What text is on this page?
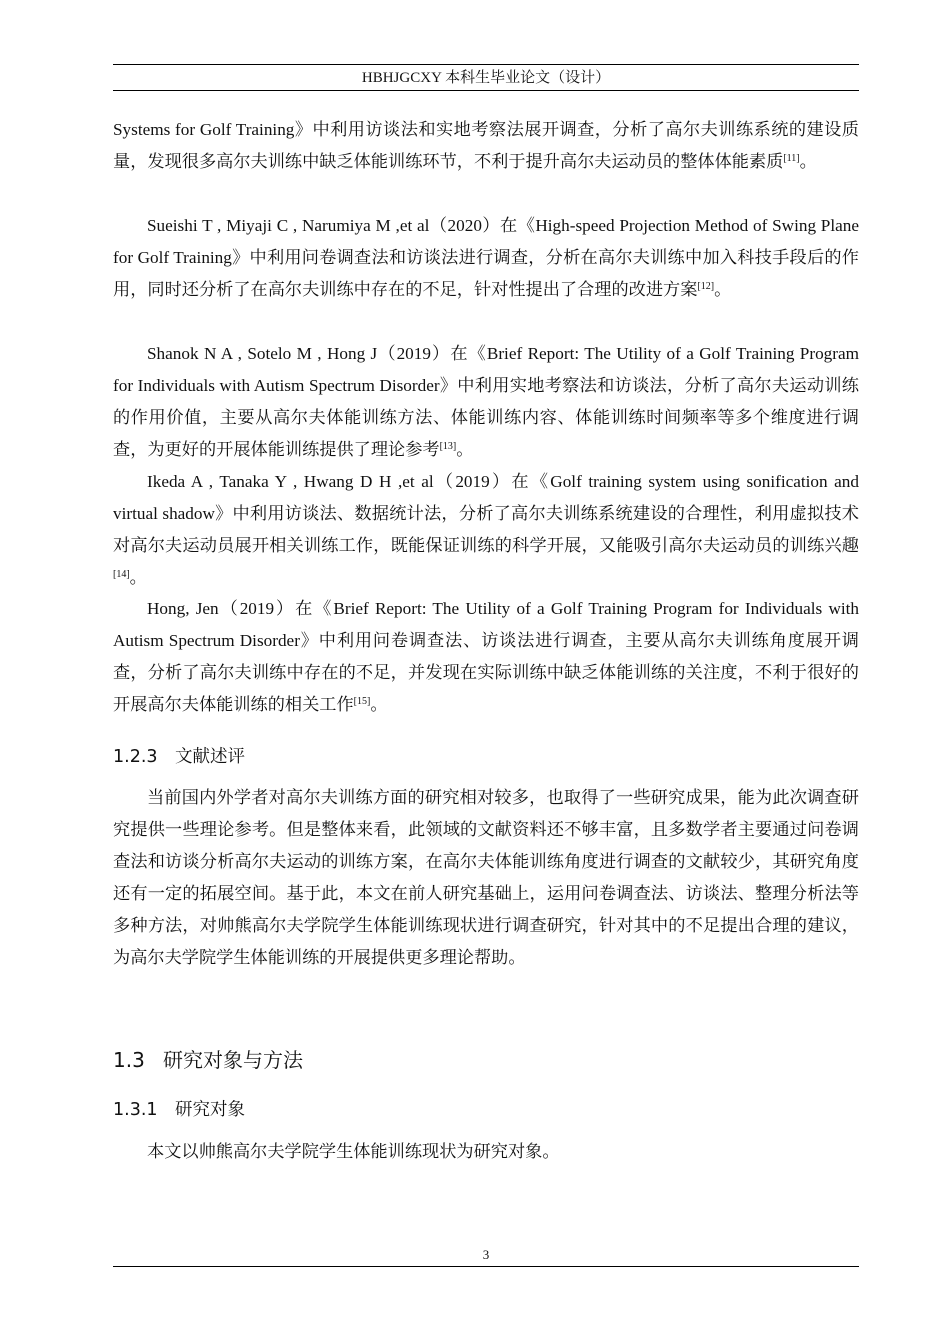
HBHJGCXY 本科生毕业论文（设计）

Systems for Golf Training》中利用访谈法和实地考察法展开调查，分析了高尔夫训练系统的建设质量，发现很多高尔夫训练中缺乏体能训练环节，不利于提升高尔夫运动员的整体体能素质[11]。

Sueishi T , Miyaji C , Narumiya M ,et al（2020）在《High-speed Projection Method of Swing Plane for Golf Training》中利用问卷调查法和访谈法进行调查，分析在高尔夫训练中加入科技手段后的作用，同时还分析了在高尔夫训练中存在的不足，针对性提出了合理的改进方案[12]。

Shanok N A , Sotelo M , Hong J（2019）在《Brief Report: The Utility of a Golf Training Program for Individuals with Autism Spectrum Disorder》中利用实地考察法和访谈法，分析了高尔夫运动训练的作用价值，主要从高尔夫体能训练方法、体能训练内容、体能训练时间频率等多个维度进行调查，为更好的开展体能训练提供了理论参考[13]。

Ikeda A , Tanaka Y , Hwang D H ,et al（2019）在《Golf training system using sonification and virtual shadow》中利用访谈法、数据统计法，分析了高尔夫训练系统建设的合理性，利用虚拟技术对高尔夫运动员展开相关训练工作，既能保证训练的科学开展，又能吸引高尔夫运动员的训练兴趣[14]。

Hong, Jen（2019）在《Brief Report: The Utility of a Golf Training Program for Individuals with Autism Spectrum Disorder》中利用问卷调查法、访谈法进行调查，主要从高尔夫训练角度展开调查，分析了高尔夫训练中存在的不足，并发现在实际训练中缺乏体能训练的关注度，不利于很好的开展高尔夫体能训练的相关工作[15]。

1.2.3 文献述评

当前国内外学者对高尔夫训练方面的研究相对较多，也取得了一些研究成果，能为此次调查研究提供一些理论参考。但是整体来看，此领域的文献资料还不够丰富，且多数学者主要通过问卷调查法和访谈分析高尔夫运动的训练方案，在高尔夫体能训练角度进行调查的文献较少，其研究角度还有一定的拓展空间。基于此，本文在前人研究基础上，运用问卷调查法、访谈法、整理分析法等多种方法，对帅熊高尔夫学院学生体能训练现状进行调查研究，针对其中的不足提出合理的建议，为高尔夫学院学生体能训练的开展提供更多理论帮助。

1.3 研究对象与方法
1.3.1 研究对象

本文以帅熊高尔夫学院学生体能训练现状为研究对象。

3
